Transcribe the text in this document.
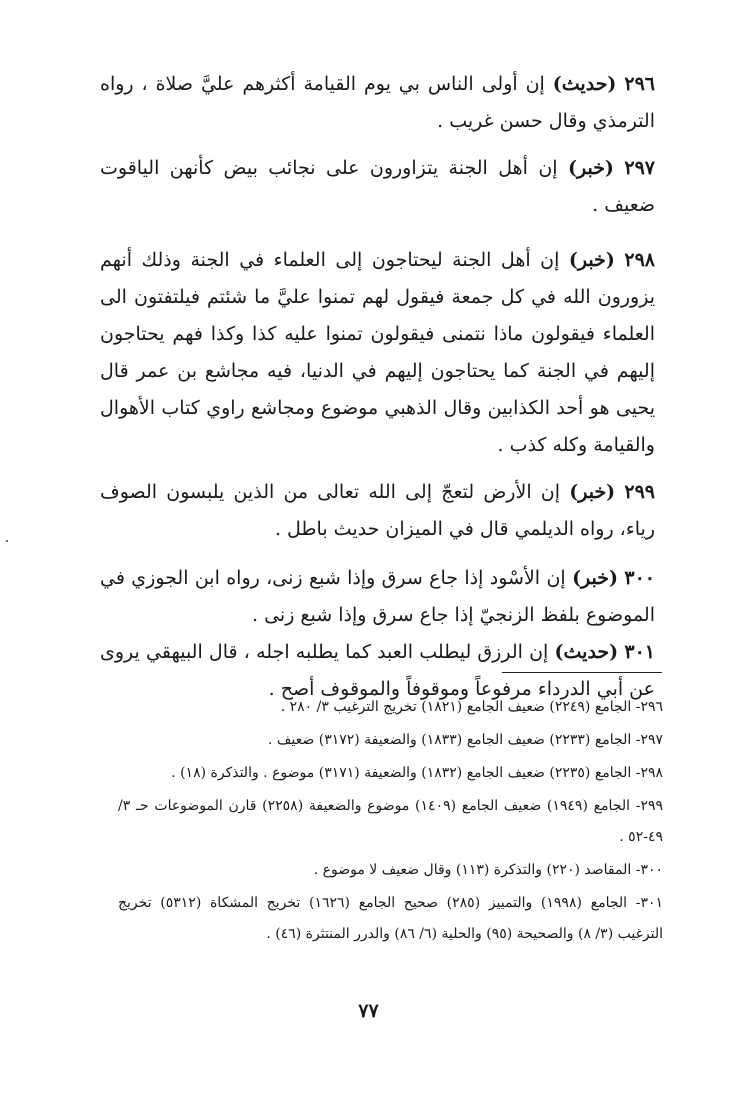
٢٩٦ (حديث) إن أولى الناس بي يوم القيامة أكثرهم عليَّ صلاة ، رواه الترمذي وقال حسن غريب .

٢٩٧ (خبر) إن أهل الجنة يتزاورون على نجائب بيض كأنهن الياقوت ضعيف .

٢٩٨ (خبر) إن أهل الجنة ليحتاجون إلى العلماء في الجنة وذلك أنهم يزورون الله في كل جمعة فيقول لهم تمنوا عليَّ ما شئتم فيلتفتون الى العلماء فيقولون ماذا نتمنى فيقولون تمنوا عليه كذا وكذا فهم يحتاجون إليهم في الجنة كما يحتاجون إليهم في الدنيا، فيه مجاشع بن عمر قال يحيى هو أحد الكذابين وقال الذهبي موضوع ومجاشع راوي كتاب الأهوال والقيامة وكله كذب .

٢٩٩ (خبر) إن الأرض لتعجّ إلى الله تعالى من الذين يلبسون الصوف رياء، رواه الديلمي قال في الميزان حديث باطل .

٣٠٠ (خبر) إن الأسْود إذا جاع سرق وإذا شبع زنى، رواه ابن الجوزي في الموضوع بلفظ الزنجيّ إذا جاع سرق وإذا شبع زنى .

٣٠١ (حديث) إن الرزق ليطلب العبد كما يطلبه اجله ، قال البيهقي يروى عن أبي الدرداء مرفوعاً وموقوفاً والموقوف أصح .

٢٩٦- الجامع (٢٢٤٩) ضعيف الجامع (١٨٢١) تخريج الترغيب ٣/ ٢٨٠ .

٢٩٧- الجامع (٢٢٣٣) ضعيف الجامع (١٨٣٣) والضعيفة (٣١٧٢) ضعيف .

٢٩٨- الجامع (٢٢٣٥) ضعيف الجامع (١٨٣٢) والضعيفة (٣١٧١) موضوع . والتذكرة (١٨) .

٢٩٩- الجامع (١٩٤٩) ضعيف الجامع (١٤٠٩) موضوع والضعيفة (٢٢٥٨) قارن الموضوعات حـ ٣/ ٤٩-٥٢ .

٣٠٠- المقاصد (٢٢٠) والتذكرة (١١٣) وقال ضعيف لا موضوع .

٣٠١- الجامع (١٩٩٨) والتمييز (٢٨٥) صحيح الجامع (١٦٢٦) تخريج المشكاة (٥٣١٢) تخريج الترغيب (٣/ ٨) والصحيحة (٩٥) والحلية (٦/ ٨٦) والدرر المنتثرة (٤٦) .

٧٧
